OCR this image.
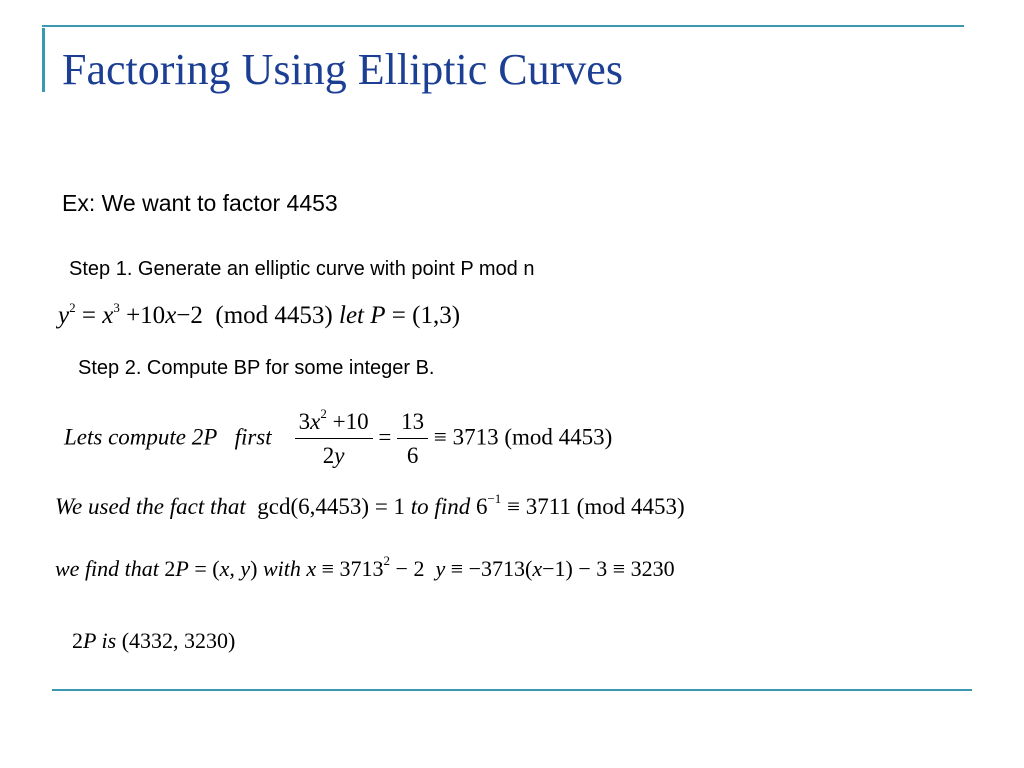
Factoring Using Elliptic Curves
Ex: We want to factor 4453
Step 1. Generate an elliptic curve with point P mod n
$y^2 = x^3 +10x-2$ (mod 4453) let P = (1,3)
Step 2. Compute BP for some integer B.
Lets compute 2P first $\frac{3x^2 +10}{2y} = \frac{13}{6} \equiv 3713$ (mod 4453)
We used the fact that gcd(6,4453) = 1 to find $6^{-1} \equiv 3711$ (mod 4453)
we find that 2P = (x, y) with $x \equiv 3713^2 - 2$ y ≡ −3713(x−1) − 3 ≡ 3230
2P is (4332, 3230)
